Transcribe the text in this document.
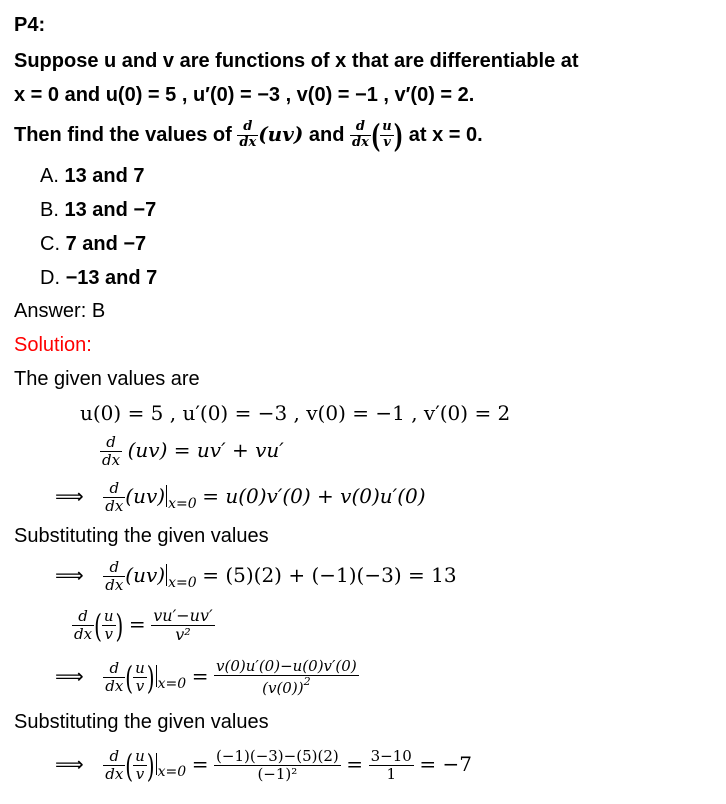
P4:
Suppose u and v are functions of x that are differentiable at
x = 0 and u(0) = 5 , u′(0) = −3 , v(0) = −1 , v′(0) = 2.
Then find the values of $\frac{d}{dx} (uv)$ and $\frac{d}{dx}$ ( $\frac{u}{v}$ ) at x = 0.
A. 13 and 7
B. 13 and −7
C. 7 and −7
D. −13 and 7
Answer: B
Solution:
The given values are
u(0) = 5 , u′(0) = −3 , v(0) = −1 , v′(0) = 2
$\frac{d}{dx} (uv) = uv' + vu'$
⟹ $\frac{d}{dx} (uv) _{x=0} = u(0)v'(0) + v(0)u'(0)$
Substituting the given values
⟹ $\frac{d}{dx} (uv) _{x=0} = (5)(2) + (-1)(-3) = 13$
$\frac{d}{dx}$ ( $\frac{u}{v}$ ) = $\frac{vu'-uv'}{\text{v²}}$
⟹ $\frac{d}{dx}$ ( $\frac{u}{v}$ ) $_{x=0} = \frac{v(0)u'(0)-u(0)v'(0)}{(v(0))^2}$
Substituting the given values
⟹ $\frac{d}{dx}$ ( $\frac{u}{v}$ ) $_{x=0} = \frac{(-1)(-3)-(5)(2)}{\text{(−1)²}} = \frac{3-10}{1} = -7$
